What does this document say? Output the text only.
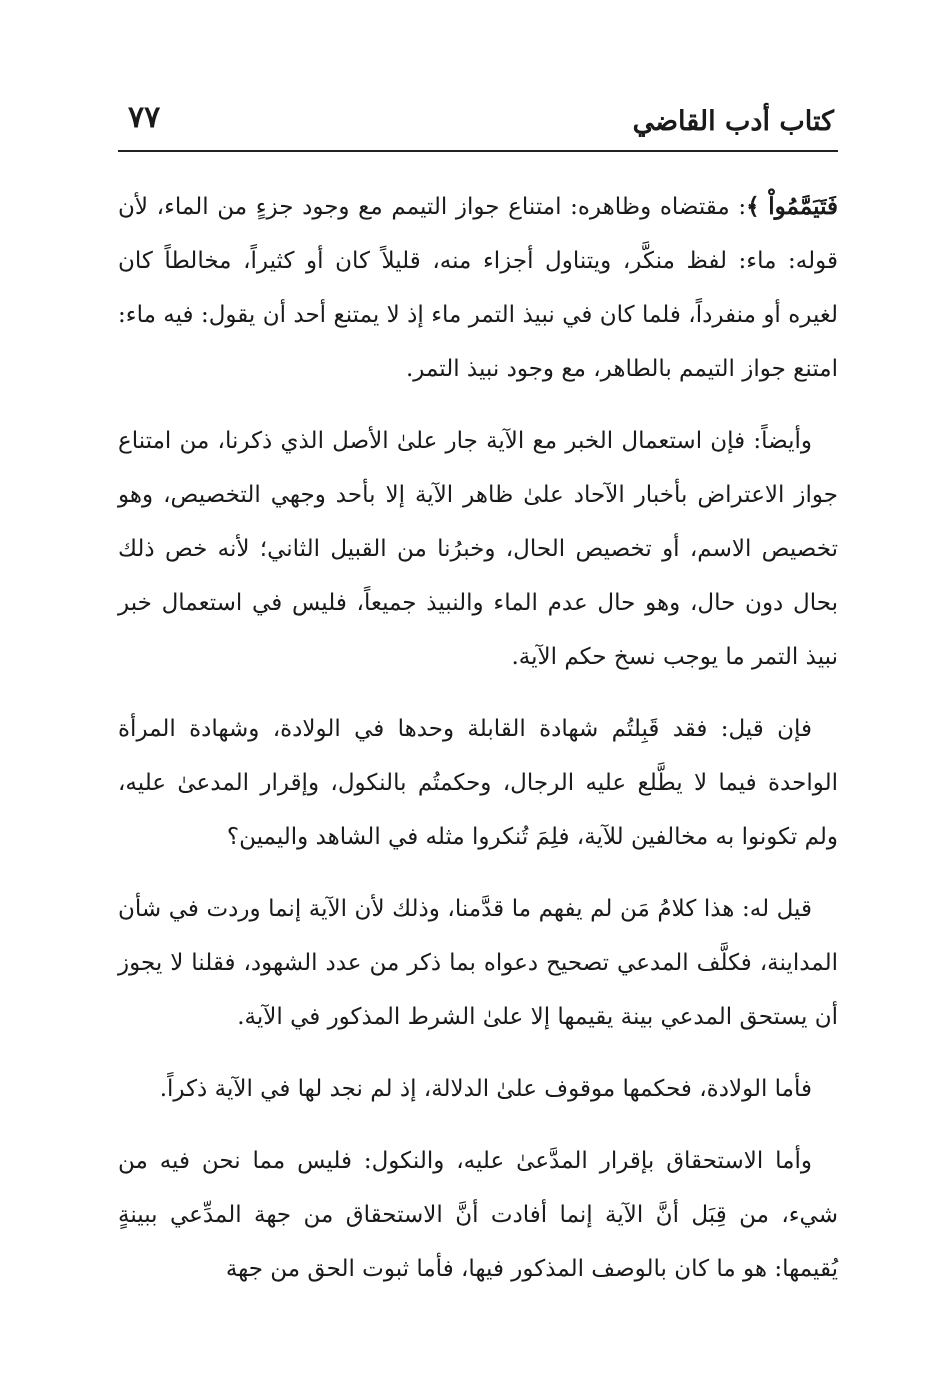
كتاب أدب القاضي
٧٧

فَتَيَمَّمُواْ ﴾: مقتضاه وظاهره: امتناع جواز التيمم مع وجود جزءٍ من الماء، لأن قوله: ماء: لفظ منكَّر، ويتناول أجزاء منه، قليلاً كان أو كثيراً، مخالطاً كان لغيره أو منفرداً، فلما كان في نبيذ التمر ماء إذ لا يمتنع أحد أن يقول: فيه ماء: امتنع جواز التيمم بالطاهر، مع وجود نبيذ التمر.

وأيضاً: فإن استعمال الخبر مع الآية جار علىٰ الأصل الذي ذكرنا، من امتناع جواز الاعتراض بأخبار الآحاد علىٰ ظاهر الآية إلا بأحد وجهي التخصيص، وهو تخصيص الاسم، أو تخصيص الحال، وخبرُنا من القبيل الثاني؛ لأنه خص ذلك بحال دون حال، وهو حال عدم الماء والنبيذ جميعاً، فليس في استعمال خبر نبيذ التمر ما يوجب نسخ حكم الآية.

فإن قيل: فقد قَبِلتُم شهادة القابلة وحدها في الولادة، وشهادة المرأة الواحدة فيما لا يطَّلع عليه الرجال، وحكمتُم بالنكول، وإقرار المدعىٰ عليه، ولم تكونوا به مخالفين للآية، فلِمَ تُنكروا مثله في الشاهد واليمين؟

قيل له: هذا كلامُ مَن لم يفهم ما قدَّمنا، وذلك لأن الآية إنما وردت في شأن المداينة، فكلَّف المدعي تصحيح دعواه بما ذكر من عدد الشهود، فقلنا لا يجوز أن يستحق المدعي بينة يقيمها إلا علىٰ الشرط المذكور في الآية.

فأما الولادة، فحكمها موقوف علىٰ الدلالة، إذ لم نجد لها في الآية ذكراً.

وأما الاستحقاق بإقرار المدَّعىٰ عليه، والنكول: فليس مما نحن فيه من شيء، من قِبَل أنَّ الآية إنما أفادت أنَّ الاستحقاق من جهة المدِّعي ببينةٍ يُقيمها: هو ما كان بالوصف المذكور فيها، فأما ثبوت الحق من جهة
